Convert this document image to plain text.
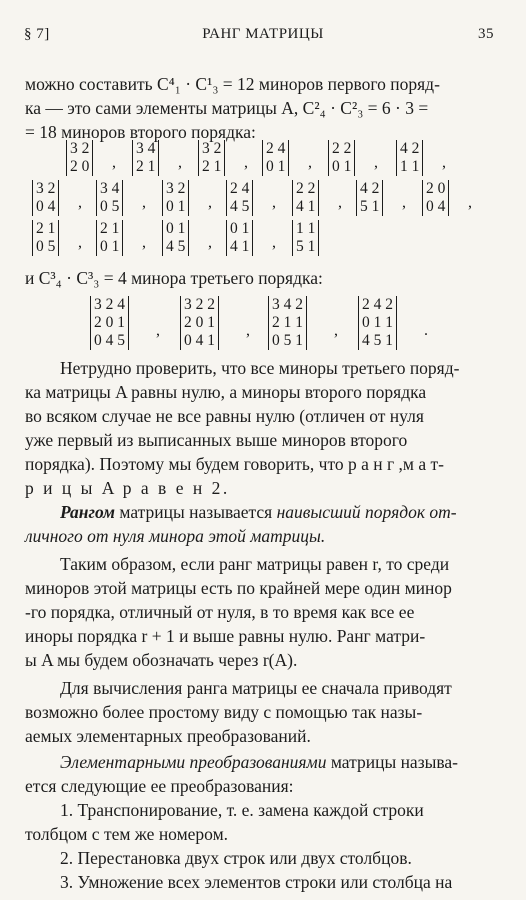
§ 7]	РАНГ МАТРИЦЫ	35
можно составить C⁴₁ · C¹₃ = 12 миноров первого поряд-
ка — это сами элементы матрицы A, C²₄ · C²₃ = 6 · 3 =
= 18 миноров второго порядка:
3 2
2 0 ,
3 4
2 1 ,
3 2
2 1 ,
2 4
0 1 ,
2 2
0 1 ,
4 2
1 1 ,
3 2
0 4 ,
3 4
0 5 ,
3 2
0 1 ,
2 4
4 5 ,
2 2
4 1 ,
4 2
5 1 ,
2 0
0 4 ,
2 1
0 5 ,
2 1
0 1 ,
0 1
4 5 ,
0 1
4 1 ,
1 1
5 1
и C³₄ · C³₃ = 4 минора третьего порядка:
3 2 4
2 0 1
0 4 5
,
3 2 2
2 0 1
0 4 1
,
3 4 2
2 1 1
0 5 1
,
2 4 2
0 1 1
4 5 1
.
Нетрудно проверить, что все миноры третьего поряд-
ка матрицы A равны нулю, а миноры второго порядка
во всяком случае не все равны нулю (отличен от нуля
уже первый из выписанных выше миноров второго
порядка). Поэтому мы будем говорить, что р а н г ,м а т-
р и ц ы A р а в е н 2.
Рангом матрицы называется наивысший порядок от-
личного от нуля минора этой матрицы.
Таким образом, если ранг матрицы равен r, то среди
миноров этой матрицы есть по крайней мере один минор
-го порядка, отличный от нуля, в то время как все ее
иноры порядка r + 1 и выше равны нулю. Ранг матри-
ы A мы будем обозначать через r(A).
Для вычисления ранга матрицы ее сначала приводят
возможно более простому виду с помощью так назы-
аемых элементарных преобразований.
Элементарными преобразованиями матрицы называ-
ется следующие ее преобразования:
1. Транспонирование, т. е. замена каждой строки
толбцом с тем же номером.
2. Перестановка двух строк или двух столбцов.
3. Умножение всех элементов строки или столбца на
